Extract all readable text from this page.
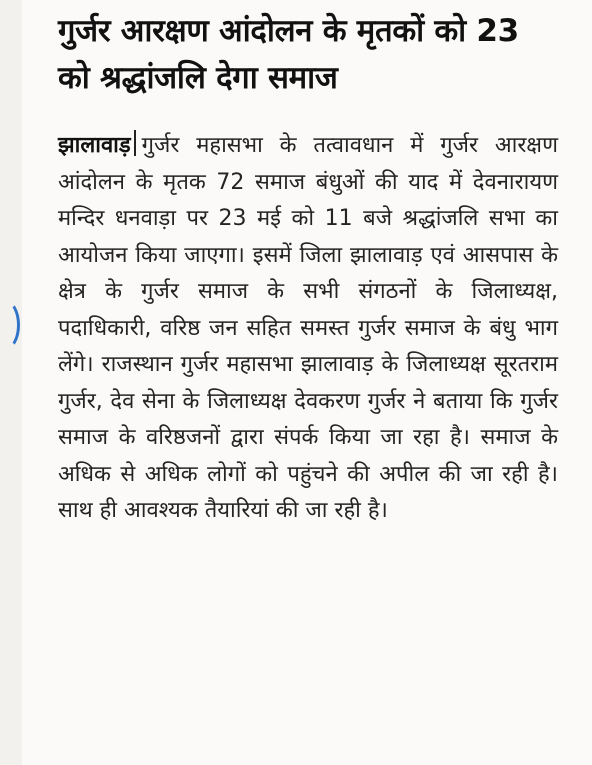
गुर्जर आरक्षण आंदोलन के मृतकों को 23 को श्रद्धांजलि देगा समाज

झालावाड़ गुर्जर महासभा के तत्वावधान में गुर्जर आरक्षण आंदोलन के मृतक 72 समाज बंधुओं की याद में देवनारायण मन्दिर धनवाड़ा पर 23 मई को 11 बजे श्रद्धांजलि सभा का आयोजन किया जाएगा। इसमें जिला झालावाड़ एवं आसपास के क्षेत्र के गुर्जर समाज के सभी संगठनों के जिलाध्यक्ष, पदाधिकारी, वरिष्ठ जन सहित समस्त गुर्जर समाज के बंधु भाग लेंगे। राजस्थान गुर्जर महासभा झालावाड़ के जिलाध्यक्ष सूरतराम गुर्जर, देव सेना के जिलाध्यक्ष देवकरण गुर्जर ने बताया कि गुर्जर समाज के वरिष्ठजनों द्वारा संपर्क किया जा रहा है। समाज के अधिक से अधिक लोगों को पहुंचने की अपील की जा रही है। साथ ही आवश्यक तैयारियां की जा रही है।
